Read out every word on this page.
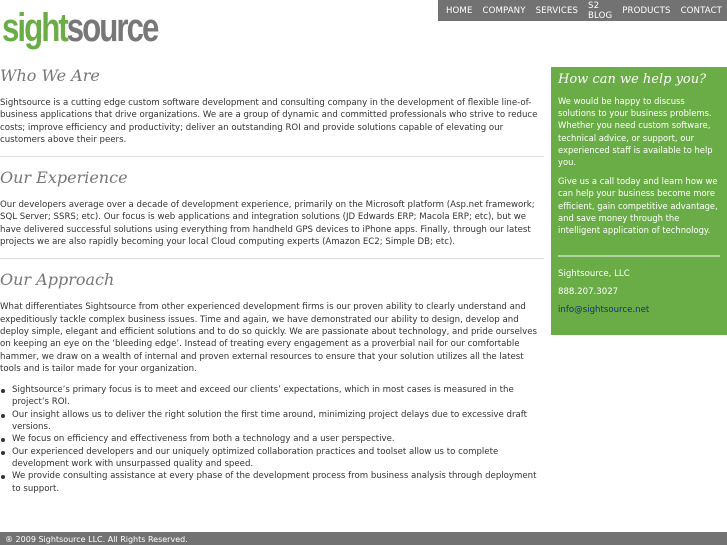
sightsource	HOME COMPANY SERVICES S2 BLOG PRODUCTS CONTACT
Who We Are

Sightsource is a cutting edge custom software development and consulting company in the development of flexible line-of-business applications that drive organizations. We are a group of dynamic and committed professionals who strive to reduce costs; improve efficiency and productivity; deliver an outstanding ROI and provide solutions capable of elevating our customers above their peers.

Our Experience

Our developers average over a decade of development experience, primarily on the Microsoft platform (Asp.net framework; SQL Server; SSRS; etc). Our focus is web applications and integration solutions (JD Edwards ERP; Macola ERP; etc), but we have delivered successful solutions using everything from handheld GPS devices to iPhone apps. Finally, through our latest projects we are also rapidly becoming your local Cloud computing experts (Amazon EC2; Simple DB; etc).

Our Approach

What differentiates Sightsource from other experienced development firms is our proven ability to clearly understand and expeditiously tackle complex business issues. Time and again, we have demonstrated our ability to design, develop and deploy simple, elegant and efficient solutions and to do so quickly. We are passionate about technology, and pride ourselves on keeping an eye on the ‘bleeding edge’. Instead of treating every engagement as a proverbial nail for our comfortable hammer, we draw on a wealth of internal and proven external resources to ensure that your solution utilizes all the latest tools and is tailor made for your organization.

Sightsource’s primary focus is to meet and exceed our clients’ expectations, which in most cases is measured in the project’s ROI.
Our insight allows us to deliver the right solution the first time around, minimizing project delays due to excessive draft versions.
We focus on efficiency and effectiveness from both a technology and a user perspective.
Our experienced developers and our uniquely optimized collaboration practices and toolset allow us to complete development work with unsurpassed quality and speed.
We provide consulting assistance at every phase of the development process from business analysis through deployment to support.
How can we help you?

We would be happy to discuss solutions to your business problems. Whether you need custom software, technical advice, or support, our experienced staff is available to help you.

Give us a call today and learn how we can help your business become more efficient, gain competitive advantage, and save money through the intelligent application of technology.

Sightsource, LLC
888.207.3027
info@sightsource.net
® 2009 Sightsource LLC. All Rights Reserved.
